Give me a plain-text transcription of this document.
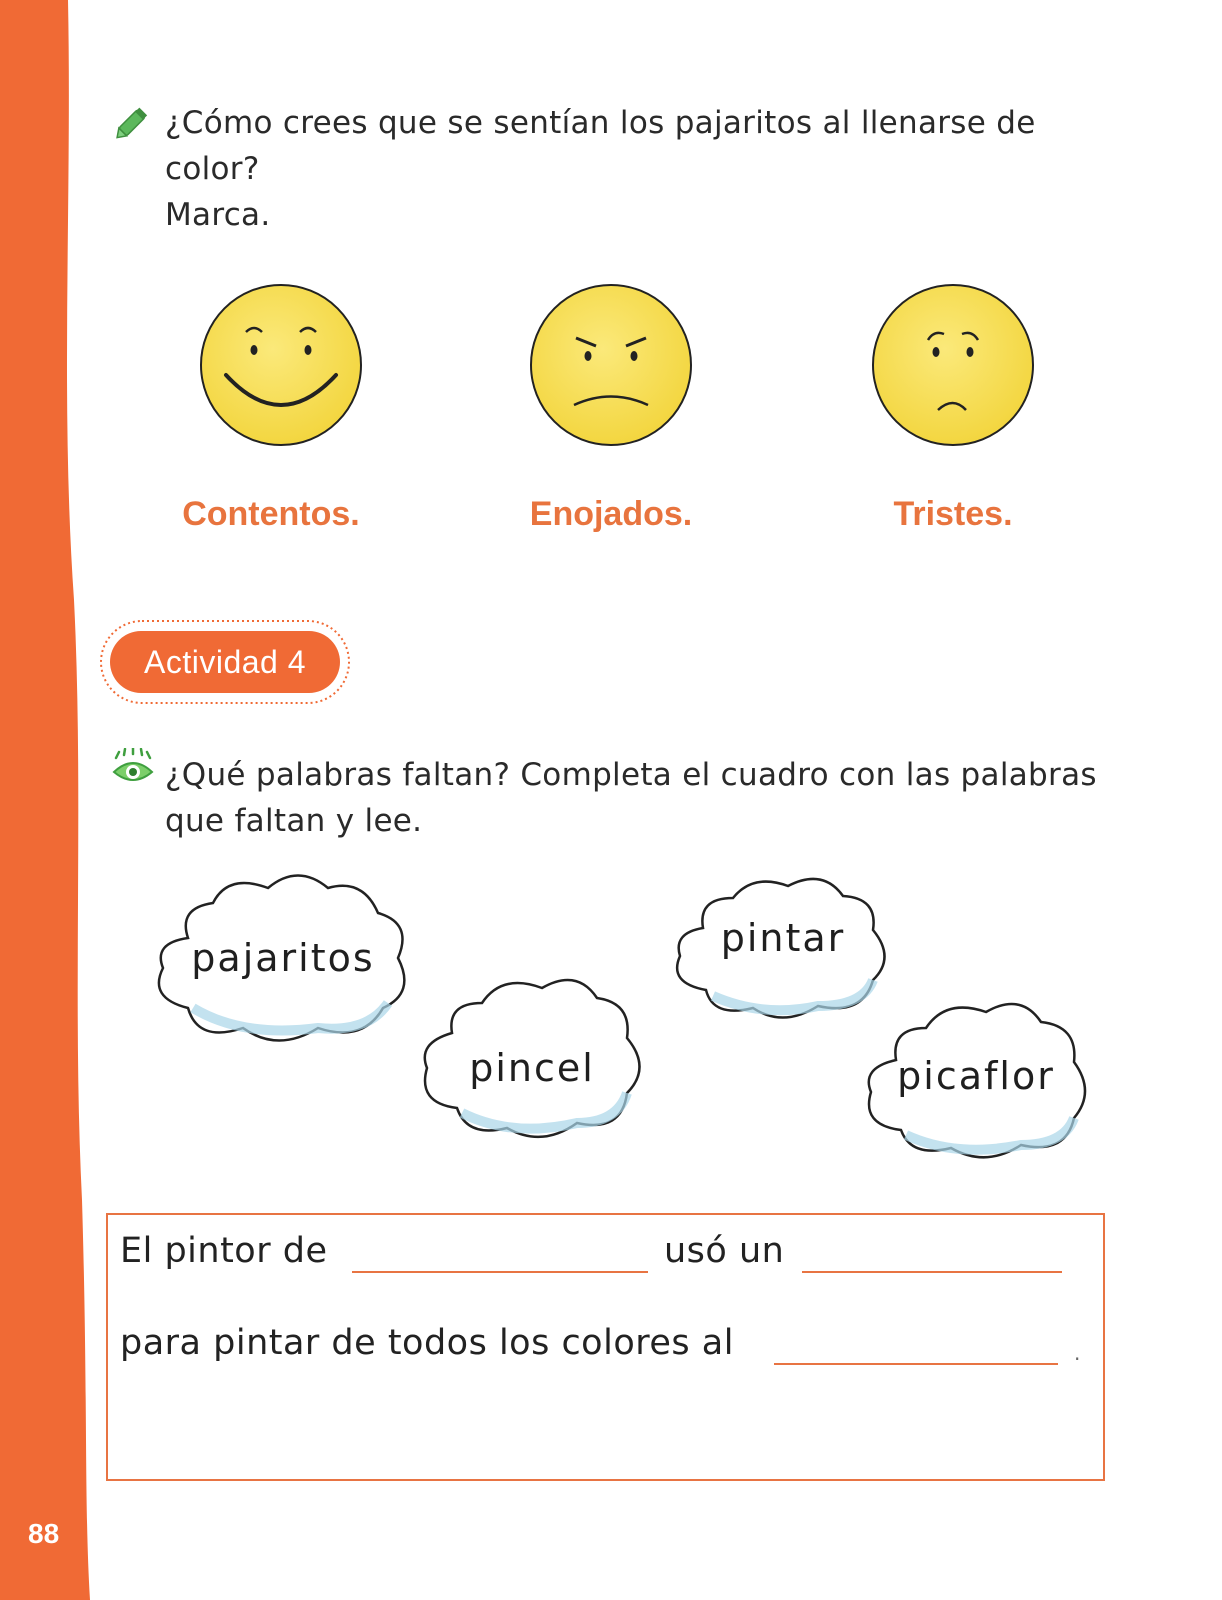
88
¿Cómo crees que se sentían los pajaritos al llenarse de color?
Marca.
Contentos.	Enojados.	Tristes.
Actividad 4
¿Qué palabras faltan? Completa el cuadro con las palabras
que faltan y lee.
pajaritos
pincel
pintar
picaflor
El pintor de	usó un
para pintar de todos los colores al	.
